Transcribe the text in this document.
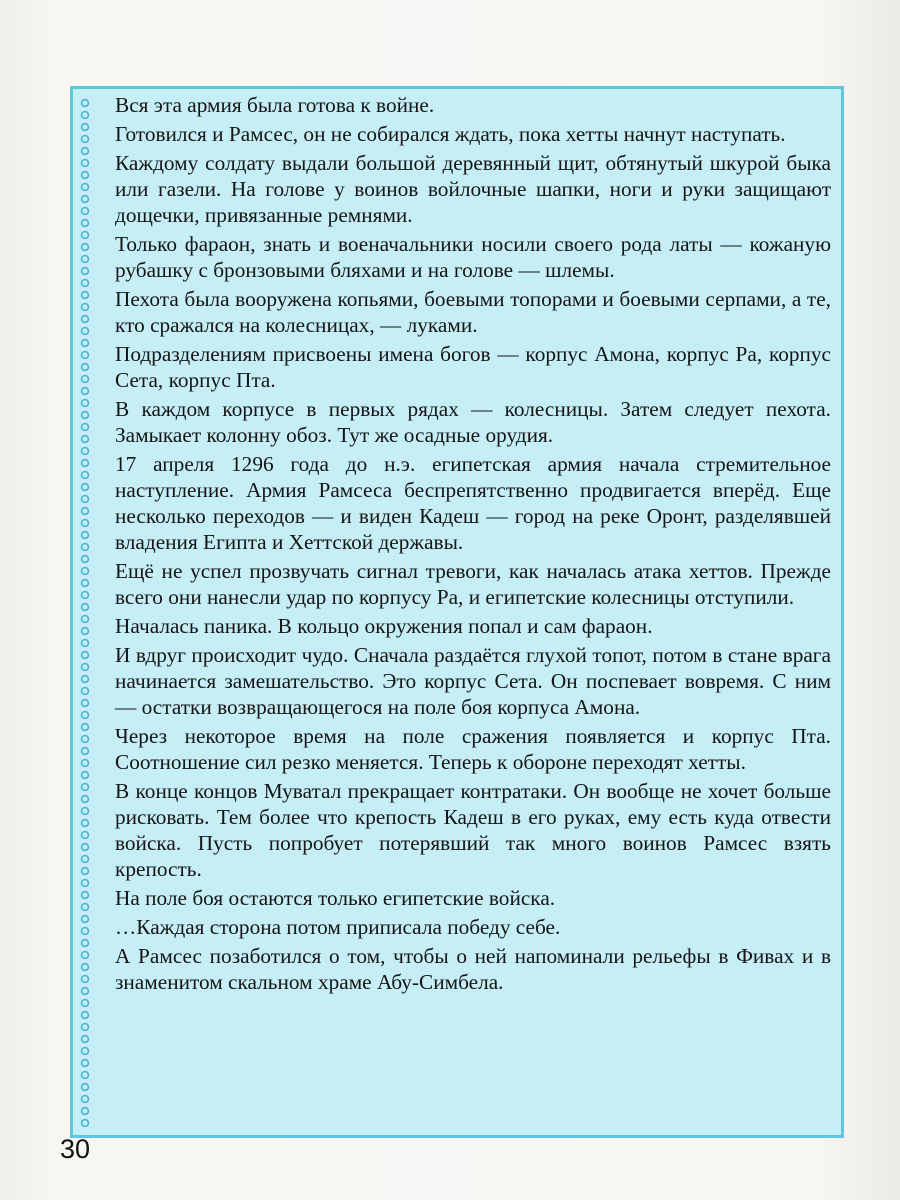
Вся эта армия была готова к войне.

Готовился и Рамсес, он не собирался ждать, пока хетты начнут наступать.

Каждому солдату выдали большой деревянный щит, обтянутый шкурой быка или газели. На голове у воинов войлочные шапки, ноги и руки защищают дощечки, привязанные ремнями.

Только фараон, знать и военачальники носили своего рода латы — кожаную рубашку с бронзовыми бляхами и на голове — шлемы.

Пехота была вооружена копьями, боевыми топорами и боевыми серпами, а те, кто сражался на колесницах, — луками.

Подразделениям присвоены имена богов — корпус Амона, корпус Ра, корпус Сета, корпус Пта.

В каждом корпусе в первых рядах — колесницы. Затем следует пехота. Замыкает колонну обоз. Тут же осадные орудия.

17 апреля 1296 года до н.э. египетская армия начала стремительное наступление. Армия Рамсеса беспрепятственно продвигается вперёд. Еще несколько переходов — и виден Кадеш — город на реке Оронт, разделявшей владения Египта и Хеттской державы.

Ещё не успел прозвучать сигнал тревоги, как началась атака хеттов. Прежде всего они нанесли удар по корпусу Ра, и египетские колесницы отступили.

Началась паника. В кольцо окружения попал и сам фараон.

И вдруг происходит чудо. Сначала раздаётся глухой топот, потом в стане врага начинается замешательство. Это корпус Сета. Он поспевает вовремя. С ним — остатки возвращающегося на поле боя корпуса Амона.

Через некоторое время на поле сражения появляется и корпус Пта. Соотношение сил резко меняется. Теперь к обороне переходят хетты.

В конце концов Муватал прекращает контратаки. Он вообще не хочет больше рисковать. Тем более что крепость Кадеш в его руках, ему есть куда отвести войска. Пусть попробует потерявший так много воинов Рамсес взять крепость.

На поле боя остаются только египетские войска.

…Каждая сторона потом приписала победу себе.

А Рамсес позаботился о том, чтобы о ней напоминали рельефы в Фивах и в знаменитом скальном храме Абу-Симбела.

30
